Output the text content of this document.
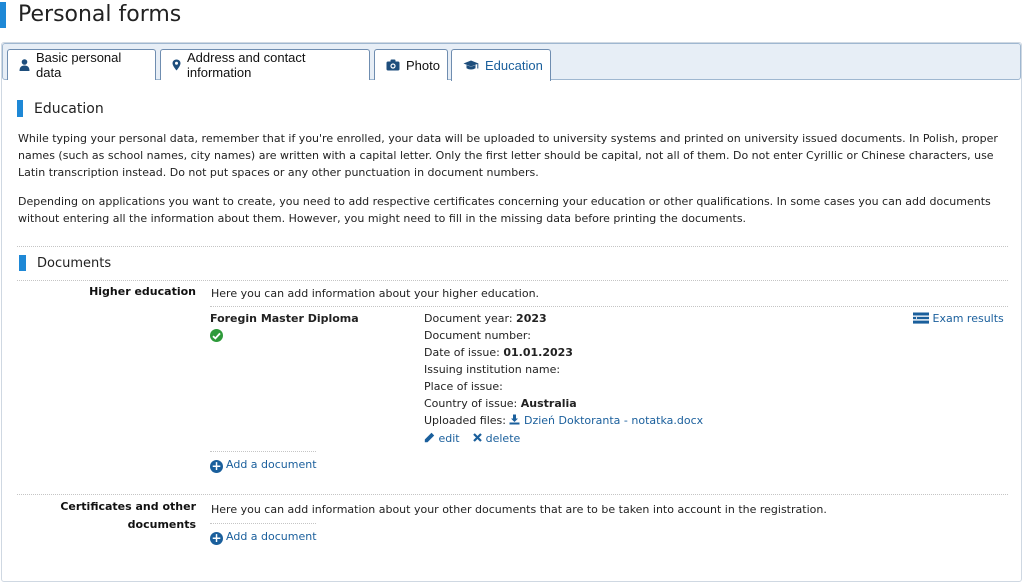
Personal forms
Basic personal data
Address and contact information	Photo	Education
Education

While typing your personal data, remember that if you're enrolled, your data will be uploaded to university systems and printed on university issued documents. In Polish, proper names (such as school names, city names) are written with a capital letter. Only the first letter should be capital, not all of them. Do not enter Cyrillic or Chinese characters, use Latin transcription instead. Do not put spaces or any other punctuation in document numbers.

Depending on applications you want to create, you need to add respective certificates concerning your education or other qualifications. In some cases you can add documents without entering all the information about them. However, you might need to fill in the missing data before printing the documents.

Documents
Higher education Here you can add information about your higher education.
Foregin Master Diploma	Document year: 2023
Document number:
Date of issue: 01.01.2023
Issuing institution name:
Place of issue:
Country of issue: Australia
Uploaded files: Dzień Doktoranta - notatka.docx
edit delete
Exam results
+ Add a document
Certificates and other
documents
Here you can add information about your other documents that are to be taken into account in the registration.
+ Add a document
